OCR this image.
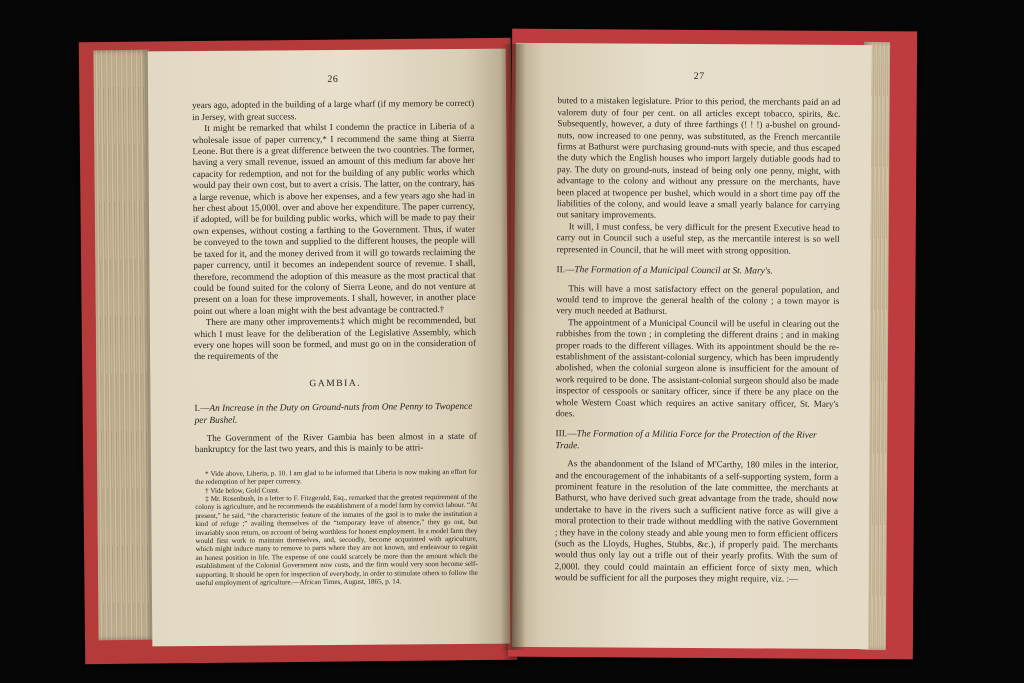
26

years ago, adopted in the building of a large wharf (if my memory be correct) in Jersey, with great success.

It might be remarked that whilst I condemn the practice in Liberia of a wholesale issue of paper currency,* I recommend the same thing at Sierra Leone. But there is a great difference between the two countries. The former, having a very small revenue, issued an amount of this medium far above her capacity for redemption, and not for the building of any public works which would pay their own cost, but to avert a crisis. The latter, on the contrary, has a large revenue, which is above her expenses, and a few years ago she had in her chest about 15,000l. over and above her expenditure. The paper currency, if adopted, will be for building public works, which will be made to pay their own expenses, without costing a farthing to the Government. Thus, if water be conveyed to the town and supplied to the different houses, the people will be taxed for it, and the money derived from it will go towards reclaiming the paper currency, until it becomes an independent source of revenue. I shall, therefore, recommend the adoption of this measure as the most practical that could be found suited for the colony of Sierra Leone, and do not venture at present on a loan for these improvements. I shall, however, in another place point out where a loan might with the best advantage be contracted.†

There are many other improvements‡ which might be recommended, but which I must leave for the deliberation of the Legislative Assembly, which every one hopes will soon be formed, and must go on in the consideration of the requirements of the

GAMBIA.

I.—An Increase in the Duty on Ground-nuts from One Penny to Twopence per Bushel.

The Government of the River Gambia has been almost in a state of bankruptcy for the last two years, and this is mainly to be attri-

* Vide above, Liberia, p. 10. I am glad to be informed that Liberia is now making an effort for the redemption of her paper currency.

† Vide below, Gold Coast.

‡ Mr. Rosenbush, in a letter to F. Fitzgerald, Esq., remarked that the greatest requirement of the colony is agriculture, and he recommends the establishment of a model farm by convict labour. “At present,” he said, “the characteristic feature of the inmates of the gaol is to make the institution a kind of refuge ;” availing themselves of the “temporary leave of absence,” they go out, but invariably soon return, on account of being worthless for honest employment. In a model farm they would first work to maintain themselves, and, secondly, become acquainted with agriculture, which might induce many to remove to parts where they are not known, and endeavour to regain an honest position in life. The expense of one could scarcely be more than the amount which the establishment of the Colonial Government now costs, and the firm would very soon become self-supporting. It should be open for inspection of everybody, in order to stimulate others to follow the useful employment of agriculture.—African Times, August, 1865, p. 14.

27

buted to a mistaken legislature. Prior to this period, the merchants paid an ad valorem duty of four per cent. on all articles except tobacco, spirits, &c. Subsequently, however, a duty of three farthings (! ! !) a-bushel on ground-nuts, now increased to one penny, was substituted, as the French mercantile firms at Bathurst were purchasing ground-nuts with specie, and thus escaped the duty which the English houses who import largely dutiable goods had to pay. The duty on ground-nuts, instead of being only one penny, might, with advantage to the colony and without any pressure on the merchants, have been placed at twopence per bushel, which would in a short time pay off the liabilities of the colony, and would leave a small yearly balance for carrying out sanitary improvements.

It will, I must confess, be very difficult for the present Executive head to carry out in Council such a useful step, as the mercantile interest is so well represented in Council, that he will meet with strong opposition.

II.—The Formation of a Municipal Council at St. Mary's.

This will have a most satisfactory effect on the general population, and would tend to improve the general health of the colony ; a town mayor is very much needed at Bathurst.

The appointment of a Municipal Council will be useful in clearing out the rubbishes from the town ; in completing the different drains ; and in making proper roads to the different villages. With its appointment should be the re-establishment of the assistant-colonial surgency, which has been imprudently abolished, when the colonial surgeon alone is insufficient for the amount of work required to be done. The assistant-colonial surgeon should also be made inspector of cesspools or sanitary officer, since if there be any place on the whole Western Coast which requires an active sanitary officer, St. Mary's does.

III.—The Formation of a Militia Force for the Protection of the River Trade.

As the abandonment of the Island of M'Carthy, 180 miles in the interior, and the encouragement of the inhabitants of a self-supporting system, form a prominent feature in the resolution of the late committee, the merchants at Bathurst, who have derived such great advantage from the trade, should now undertake to have in the rivers such a sufficient native force as will give a moral protection to their trade without meddling with the native Government ; they have in the colony steady and able young men to form efficient officers (such as the Lloyds, Hughes, Stubbs, &c.), if properly paid. The merchants would thus only lay out a trifle out of their yearly profits. With the sum of 2,000l. they could could maintain an efficient force of sixty men, which would be sufficient for all the purposes they might require, viz. :—
